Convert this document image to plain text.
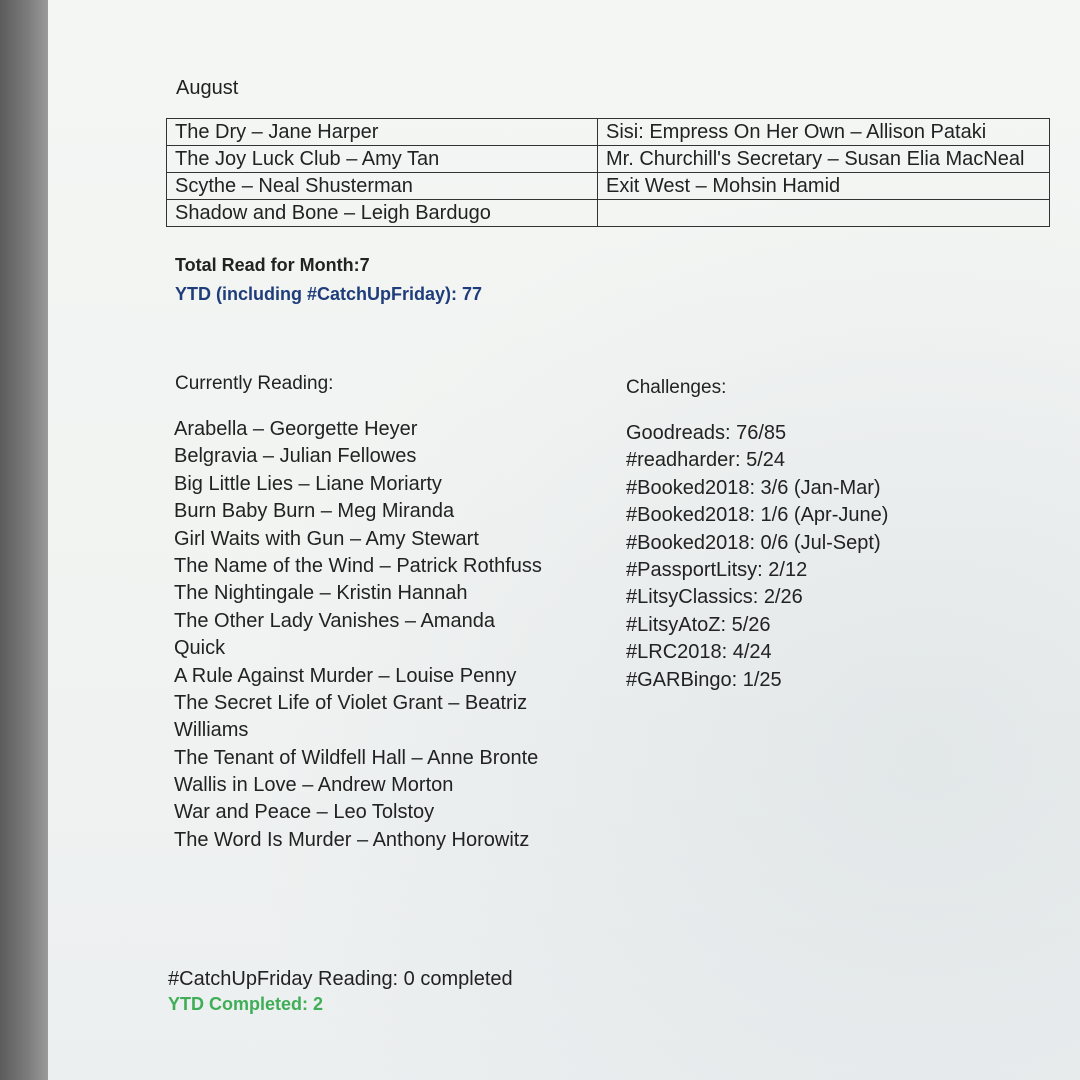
August
The Dry – Jane Harper	Sisi: Empress On Her Own – Allison Pataki
The Joy Luck Club – Amy Tan	Mr. Churchill's Secretary – Susan Elia MacNeal
Scythe – Neal Shusterman	Exit West – Mohsin Hamid
Shadow and Bone – Leigh Bardugo	
Total Read for Month:7
YTD (including #CatchUpFriday): 77
Currently Reading:
Arabella – Georgette Heyer
Belgravia – Julian Fellowes
Big Little Lies – Liane Moriarty
Burn Baby Burn – Meg Miranda
Girl Waits with Gun – Amy Stewart
The Name of the Wind – Patrick Rothfuss
The Nightingale – Kristin Hannah
The Other Lady Vanishes – Amanda
Quick
A Rule Against Murder – Louise Penny
The Secret Life of Violet Grant – Beatriz
Williams
The Tenant of Wildfell Hall – Anne Bronte
Wallis in Love – Andrew Morton
War and Peace – Leo Tolstoy
The Word Is Murder – Anthony Horowitz
Challenges:
Goodreads: 76/85
#readharder: 5/24
#Booked2018: 3/6 (Jan-Mar)
#Booked2018: 1/6 (Apr-June)
#Booked2018: 0/6 (Jul-Sept)
#PassportLitsy: 2/12
#LitsyClassics: 2/26
#LitsyAtoZ: 5/26
#LRC2018: 4/24
#GARBingo: 1/25
#CatchUpFriday Reading: 0 completed
YTD Completed: 2
